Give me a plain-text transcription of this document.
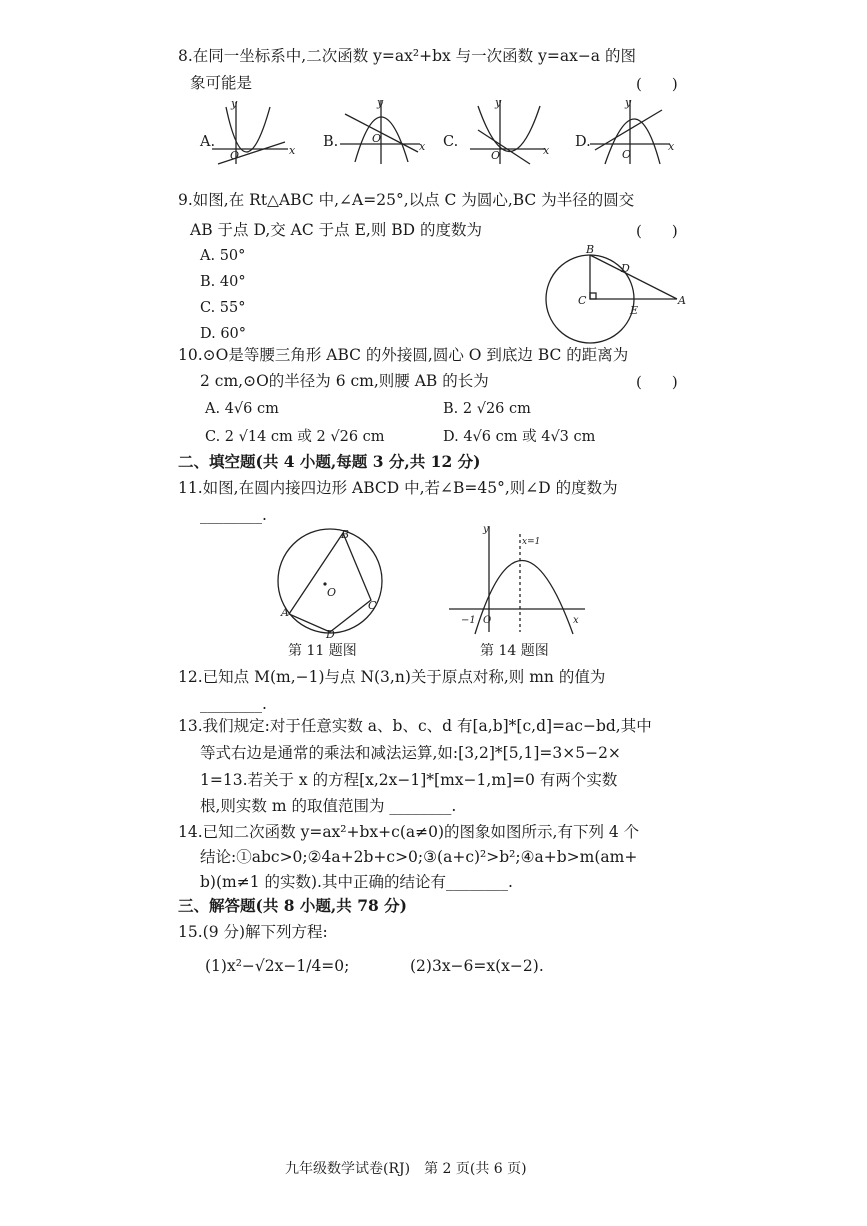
8.在同一坐标系中,二次函数 y=ax²+bx 与一次函数 y=ax−a 的图
象可能是	(　　)
y
x
O
y
x
O
y
x
O
y
x
O
A.	B.	C.	D.
9.如图,在 Rt△ABC 中,∠A=25°,以点 C 为圆心,BC 为半径的圆交
AB 于点 D,交 AC 于点 E,则 BD 的度数为	(　　)
A. 50°
B. 40°
C. 55°
D. 60°
B
D
C
E
A
10.⊙O是等腰三角形 ABC 的外接圆,圆心 O 到底边 BC 的距离为
2 cm,⊙O的半径为 6 cm,则腰 AB 的长为	(　　)
A. 4√6 cm	B. 2 √26 cm
C. 2 √14 cm 或 2 √26 cm	D. 4√6 cm 或 4√3 cm
二、填空题(共 4 小题,每题 3 分,共 12 分)
11.如图,在圆内接四边形 ABCD 中,若∠B=45°,则∠D 的度数为
________.
B
O
A
C
D
第 11 题图
y
x
x=1
−1 O
第 14 题图
12.已知点 M(m,−1)与点 N(3,n)关于原点对称,则 mn 的值为
________.
13.我们规定:对于任意实数 a、b、c、d 有[a,b]*[c,d]=ac−bd,其中
等式右边是通常的乘法和减法运算,如:[3,2]*[5,1]=3×5−2×
1=13.若关于 x 的方程[x,2x−1]*[mx−1,m]=0 有两个实数
根,则实数 m 的取值范围为 ________.
14.已知二次函数 y=ax²+bx+c(a≠0)的图象如图所示,有下列 4 个
结论:①abc>0;②4a+2b+c>0;③(a+c)²>b²;④a+b>m(am+
b)(m≠1 的实数).其中正确的结论有________.
三、解答题(共 8 小题,共 78 分)
15.(9 分)解下列方程:
(1)x²−√2x−1/4=0;	(2)3x−6=x(x−2).
九年级数学试卷(RJ)　第 2 页(共 6 页)
